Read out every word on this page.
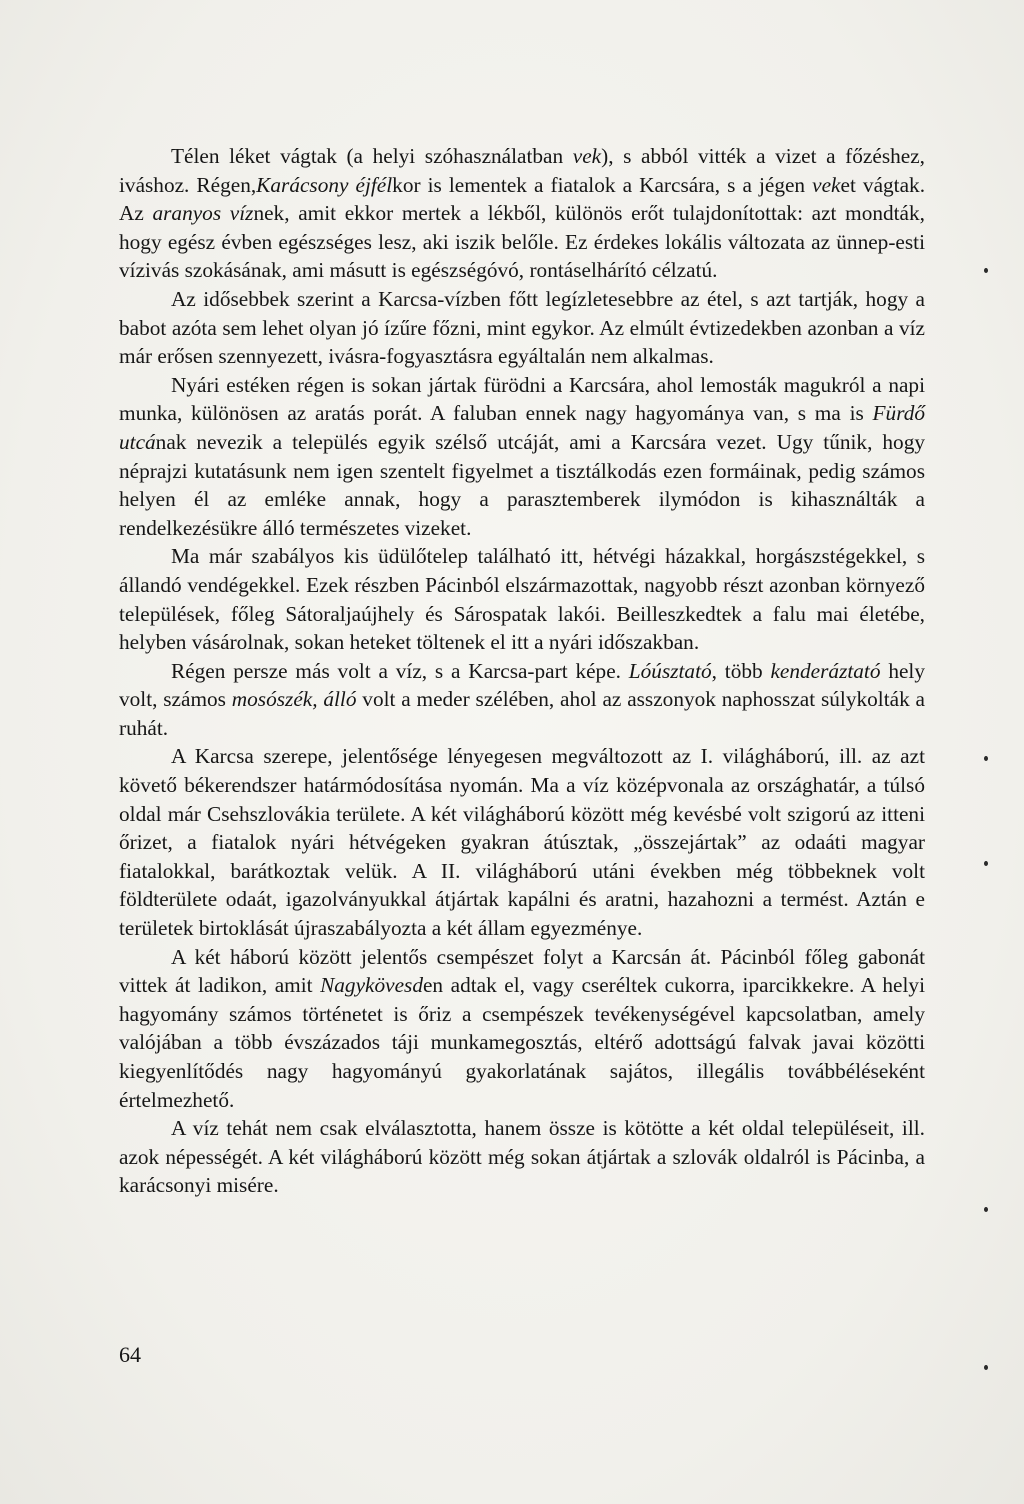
Télen léket vágtak (a helyi szóhasználatban vek), s abból vitték a vizet a főzéshez, iváshoz. Régen,Karácsony éjfélkor is lementek a fiatalok a Karcsára, s a jégen veket vágtak. Az aranyos víznek, amit ekkor mertek a lékből, különös erőt tulajdonítottak: azt mondták, hogy egész évben egészséges lesz, aki iszik belőle. Ez érdekes lokális változata az ünnep-esti vízivás szokásának, ami másutt is egészségóvó, rontáselhárító célzatú.

Az idősebbek szerint a Karcsa-vízben főtt legízletesebbre az étel, s azt tartják, hogy a babot azóta sem lehet olyan jó ízűre főzni, mint egykor. Az elmúlt évtizedekben azonban a víz már erősen szennyezett, ivásra-fogyasztásra egyáltalán nem alkalmas.

Nyári estéken régen is sokan jártak fürödni a Karcsára, ahol lemosták magukról a napi munka, különösen az aratás porát. A faluban ennek nagy hagyománya van, s ma is Fürdő utcának nevezik a település egyik szélső utcáját, ami a Karcsára vezet. Ugy tűnik, hogy néprajzi kutatásunk nem igen szentelt figyelmet a tisztálkodás ezen formáinak, pedig számos helyen él az emléke annak, hogy a parasztemberek ilymódon is kihasználták a rendelkezésükre álló természetes vizeket.

Ma már szabályos kis üdülőtelep található itt, hétvégi házakkal, horgászstégekkel, s állandó vendégekkel. Ezek részben Pácinból elszármazottak, nagyobb részt azonban környező települések, főleg Sátoraljaújhely és Sárospatak lakói. Beilleszkedtek a falu mai életébe, helyben vásárolnak, sokan heteket töltenek el itt a nyári időszakban.

Régen persze más volt a víz, s a Karcsa-part képe. Lóúsztató, több kenderáztató hely volt, számos mosószék, álló volt a meder szélében, ahol az asszonyok naphosszat súlykolták a ruhát.

A Karcsa szerepe, jelentősége lényegesen megváltozott az I. világháború, ill. az azt követő békerendszer határmódosítása nyomán. Ma a víz középvonala az országhatár, a túlsó oldal már Csehszlovákia területe. A két világháború között még kevésbé volt szigorú az itteni őrizet, a fiatalok nyári hétvégeken gyakran átúsztak, „összejártak” az odaáti magyar fiatalokkal, barátkoztak velük. A II. világháború utáni években még többeknek volt földterülete odaát, igazolványukkal átjártak kapálni és aratni, hazahozni a termést. Aztán e területek birtoklását újraszabályozta a két állam egyezménye.

A két háború között jelentős csempészet folyt a Karcsán át. Pácinból főleg gabonát vittek át ladikon, amit Nagykövesden adtak el, vagy cseréltek cukorra, iparcikkekre. A helyi hagyomány számos történetet is őriz a csempészek tevékenységével kapcsolatban, amely valójában a több évszázados táji munkamegosztás, eltérő adottságú falvak javai közötti kiegyenlítődés nagy hagyományú gyakorlatának sajátos, illegális továbbéléseként értelmezhető.

A víz tehát nem csak elválasztotta, hanem össze is kötötte a két oldal településeit, ill. azok népességét. A két világháború között még sokan átjártak a szlovák oldalról is Pácinba, a karácsonyi misére.

64
